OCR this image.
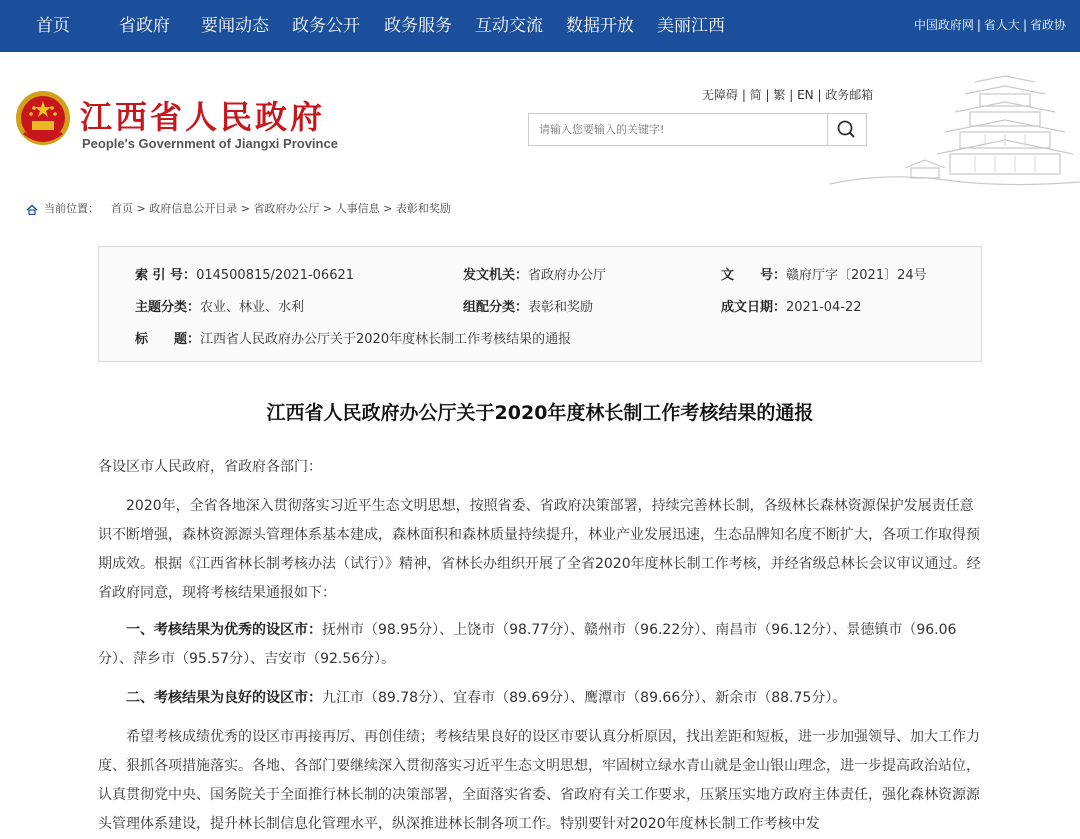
首页	省政府 要闻动态 政务公开 政务服务 互动交流 数据开放 美丽江西	中国政府网 | 省人大 | 省政协
江西省人民政府
People's Government of Jiangxi Province
无障碍 | 简 | 繁 | EN | 政务邮箱
请输入您要输入的关键字!
当前位置： 首页 > 政府信息公开目录 > 省政府办公厅 > 人事信息 > 表彰和奖励
索 引 号：014500815/2021-06621	发文机关：省政府办公厅	文　　号：赣府厅字〔2021〕24号
主题分类：农业、林业、水利	组配分类：表彰和奖励	成文日期：2021-04-22
标　　题：江西省人民政府办公厅关于2020年度林长制工作考核结果的通报
江西省人民政府办公厅关于2020年度林长制工作考核结果的通报
各设区市人民政府，省政府各部门：
2020年，全省各地深入贯彻落实习近平生态文明思想，按照省委、省政府决策部署，持续完善林长制，各级林长森林资源保护发展责任意识不断增强，森林资源源头管理体系基本建成，森林面积和森林质量持续提升，林业产业发展迅速，生态品牌知名度不断扩大，各项工作取得预期成效。根据《江西省林长制考核办法（试行）》精神，省林长办组织开展了全省2020年度林长制工作考核，并经省级总林长会议审议通过。经省政府同意，现将考核结果通报如下：
一、考核结果为优秀的设区市：抚州市（98.95分）、上饶市（98.77分）、赣州市（96.22分）、南昌市（96.12分）、景德镇市（96.06分）、萍乡市（95.57分）、吉安市（92.56分）。
二、考核结果为良好的设区市：九江市（89.78分）、宜春市（89.69分）、鹰潭市（89.66分）、新余市（88.75分）。
希望考核成绩优秀的设区市再接再厉、再创佳绩；考核结果良好的设区市要认真分析原因，找出差距和短板，进一步加强领导、加大工作力度、狠抓各项措施落实。各地、各部门要继续深入贯彻落实习近平生态文明思想，牢固树立绿水青山就是金山银山理念，进一步提高政治站位，认真贯彻党中央、国务院关于全面推行林长制的决策部署，全面落实省委、省政府有关工作要求，压紧压实地方政府主体责任，强化森林资源源头管理体系建设，提升林长制信息化管理水平，纵深推进林长制各项工作。特别要针对2020年度林长制工作考核中发
